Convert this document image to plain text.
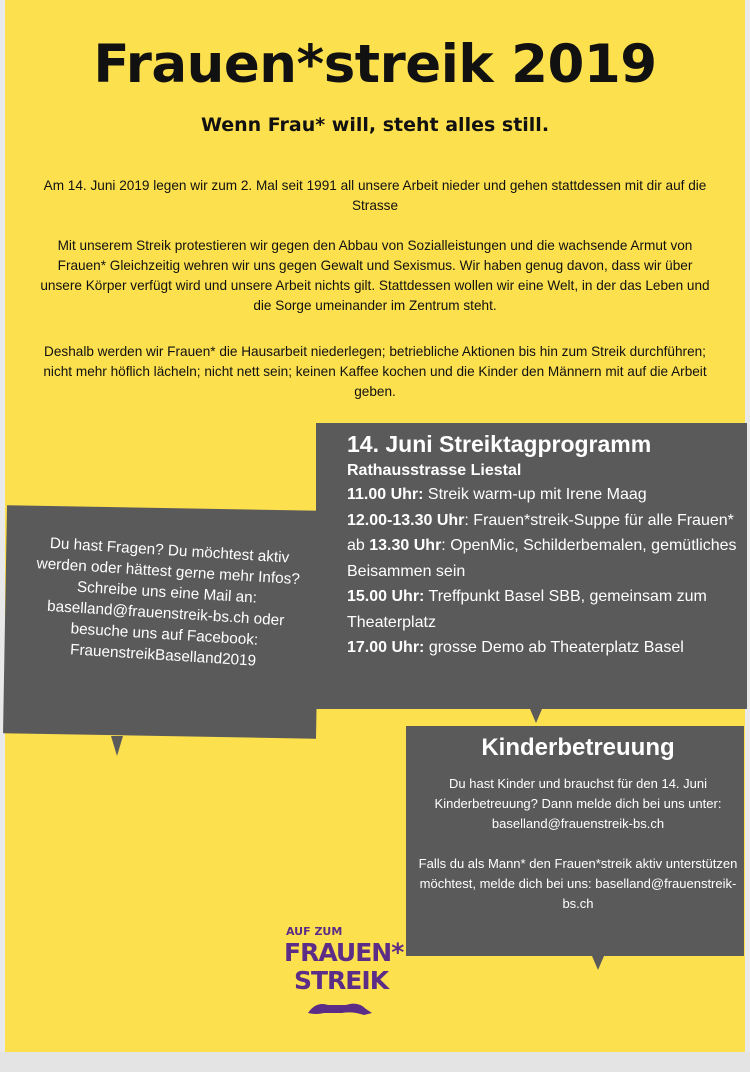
Frauen*streik 2019
Wenn Frau* will, steht alles still.

Am 14. Juni 2019 legen wir zum 2. Mal seit 1991 all unsere Arbeit nieder und gehen stattdessen mit dir auf die Strasse

Mit unserem Streik protestieren wir gegen den Abbau von Sozialleistungen und die wachsende Armut von Frauen* Gleichzeitig wehren wir uns gegen Gewalt und Sexismus. Wir haben genug davon, dass wir über unsere Körper verfügt wird und unsere Arbeit nichts gilt. Stattdessen wollen wir eine Welt, in der das Leben und die Sorge umeinander im Zentrum steht.

Deshalb werden wir Frauen* die Hausarbeit niederlegen; betriebliche Aktionen bis hin zum Streik durchführen; nicht mehr höflich lächeln; nicht nett sein; keinen Kaffee kochen und die Kinder den Männern mit auf die Arbeit geben.

14. Juni Streiktagprogramm

Rathausstrasse Liestal

11.00 Uhr: Streik warm-up mit Irene Maag

12.00-13.30 Uhr: Frauen*streik-Suppe für alle Frauen*

ab 13.30 Uhr: OpenMic, Schilderbemalen, gemütliches Beisammen sein

15.00 Uhr: Treffpunkt Basel SBB, gemeinsam zum Theaterplatz

17.00 Uhr: grosse Demo ab Theaterplatz Basel

Du hast Fragen? Du möchtest aktiv werden oder hättest gerne mehr Infos? Schreibe uns eine Mail an: baselland@frauenstreik-bs.ch oder besuche uns auf Facebook: FrauenstreikBaselland2019

Kinderbetreuung

Du hast Kinder und brauchst für den 14. Juni Kinderbetreuung? Dann melde dich bei uns unter: baselland@frauenstreik-bs.ch

Falls du als Mann* den Frauen*streik aktiv unterstützen möchtest, melde dich bei uns: baselland@frauenstreik-bs.ch

AUF ZUM
FRAUEN*
STREIK
